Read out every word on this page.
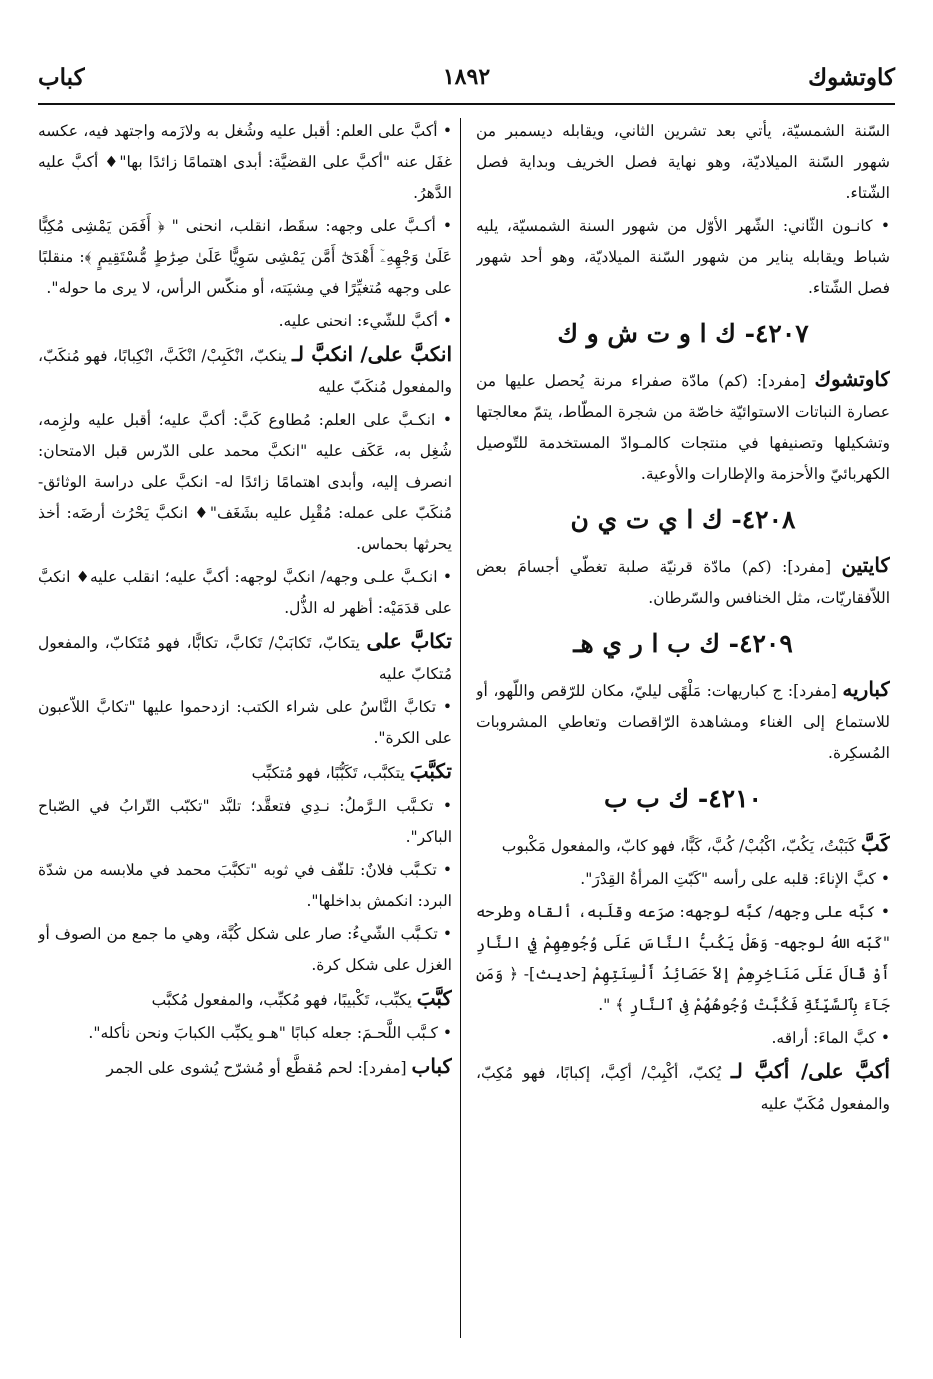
كاوتشوك
١٨٩٢
كباب

السّنة الشمسيّة، يأتي بعد تشرين الثاني، ويقابله ديسمبر من شهور السّنة الميلاديّة، وهو نهاية فصل الخريف وبداية فصل الشّتاء.

• كانـون الثّاني: الشّهر الأوّل من شهور السنة الشمسيّة، يليه شباط ويقابله يناير من شهور السّنة الميلاديّة، وهو أحد شهور فصل الشّتاء.

٤٢٠٧- ك ا و ت ش و ك

كاوتشوك [مفرد]: (كم) مادّة صفراء مرنة يُحصل عليها من عصارة النباتات الاستوائيّة خاصّة من شجرة المطّاط، يتمّ معالجتها وتشكيلها وتصنيفها في منتجات كالمـوادّ المستخدمة للتّوصيل الكهربائيّ والأحزمة والإطارات والأوعية.

٤٢٠٨- ك ا ي ت ي ن

كايتين [مفرد]: (كم) مادّة قرنيّة صلبة تغطّي أجسامَ بعض اللاّفقاريّات، مثل الخنافس والسّرطان.

٤٢٠٩- ك ب ا ر ي هـ

كباريه [مفرد]: ج كباريهات: مَلْهًى ليليّ، مكان للرّقص واللّهو، أو للاستماع إلى الغناء ومشاهدة الرّاقصات وتعاطي المشروبات المُسكِرة.

٤٢١٠- ك ب ب

كَبَّ كَبَبْتُ، يَكُبّ، اكْبُبْ/ كُبَّ، كَبًّا، فهو كابّ، والمفعول مَكْبوب

• كبَّ الإناءَ: قلبه على رأسه "كَبّتِ المرأةُ القِدْرَ".

• كبَّه على وجهه/ كبَّه لوجهه: صرَعه وقلَبه، ألقاه وطرحه "كَبّه اللهُ لوجهه- وَهَلْ يَكُبُّ النَّاسَ عَلَى وُجُوهِهِمْ فِي النَّارِ أَوْ قَالَ عَلَى مَنَاخِرِهِمْ إلاّ حَصَائِدُ أَلْسِنَتِهِمْ [حديث]- ﴿ وَمَن جَآءَ بِٱلسَّيِّئَةِ فَكُبَّتْ وُجُوهُهُمْ فِى ٱلنَّارِ ﴾ ".

• كبَّ الماءَ: أراقه.

أكبَّ على/ أكبَّ لـ يُكبّ، أكْبِبْ/ أكِبَّ، إكبابًا، فهو مُكِبّ، والمفعول مُكَبّ عليه

• أكبَّ على العلم: أقبل عليه وشُغل به ولازَمه واجتهد فيه، عكسه غفَل عنه "أكبَّ على القضيَّة: أبدى اهتمامًا زائدًا بها"♦ أكبَّ عليه الدَّهرُ.

• أكـبَّ على وجهه: سقَط، انقلب، انحنى " ﴿ أَفَمَن يَمْشِى مُكِبًّا عَلَىٰ وَجْهِهِۦٓ أَهْدَىٰٓ أَمَّن يَمْشِى سَوِيًّا عَلَىٰ صِرَٰطٍ مُّسْتَقِيمٍ ﴾: منقلبًا على وجهه مُتغيِّرًا في مِشيَته، أو منكّس الرأس، لا يرى ما حوله".

• أكبَّ للشّيء: انحنى عليه.

انكبَّ على/ انكبَّ لـ ينكبّ، انْكَبِبْ/ انْكَبَّ، انْكِبابًا، فهو مُنكَبّ، والمفعول مُنكَبّ عليه

• انكـبَّ على العلم: مُطاوع كَبَّ: أكبَّ عليه؛ أقبل عليه ولزِمه، شُغِل به، عَكَف عليه "انكبَّ محمد على الدّرس قبل الامتحان: انصرف إليه، وأبدى اهتمامًا زائدًا له- انكبَّ على دراسة الوثائق- مُنكَبّ على عمله: مُقْبِل عليه بشَغَف"♦ انكبَّ يَحْرُث أرضَه: أخذ يحرثها بحماس.

• انكـبَّ علـى وجهه/ انكبَّ لوجهه: أكبَّ عليه؛ انقلب عليه♦ انكبَّ على قدَمَيْه: أظهر له الذُّل.

تكابَّ على يتكابّ، تَكابَبْ/ تَكابَّ، تكابًّا، فهو مُتَكابّ، والمفعول مُتكابّ عليه

• تكابَّ النَّاسُ على شراء الكتب: ازدحموا عليها "تكابَّ اللاّعبون على الكرة".

تكبَّبَ يتكبَّب، تَكَبُّبًا، فهو مُتكبِّب

• تكـبَّب الـرَّملُ: نـدِي فتعقَّد؛ تلبَّد "تكبّب التّرابُ في الصّباح الباكر".

• تكـبَّب فلانٌ: تلفّف في ثوبه "تكبَّبَ محمد في ملابسه من شدّة البرد: انكمش بداخلها".

• تكـبَّب الشّيءُ: صار على شكل كُبَّة، وهي ما جمع من الصوف أو الغزل على شكل كرة.

كبَّبَ يكبِّب، تَكْبيبًا، فهو مُكبِّب، والمفعول مُكبَّب

• كـبَّب اللَّحـمَ: جعله كبابًا "هـو يكبِّب الكبابَ ونحن نأكله".

كباب [مفرد]: لحم مُقطَّع أو مُشرّح يُشوى على الجمر
